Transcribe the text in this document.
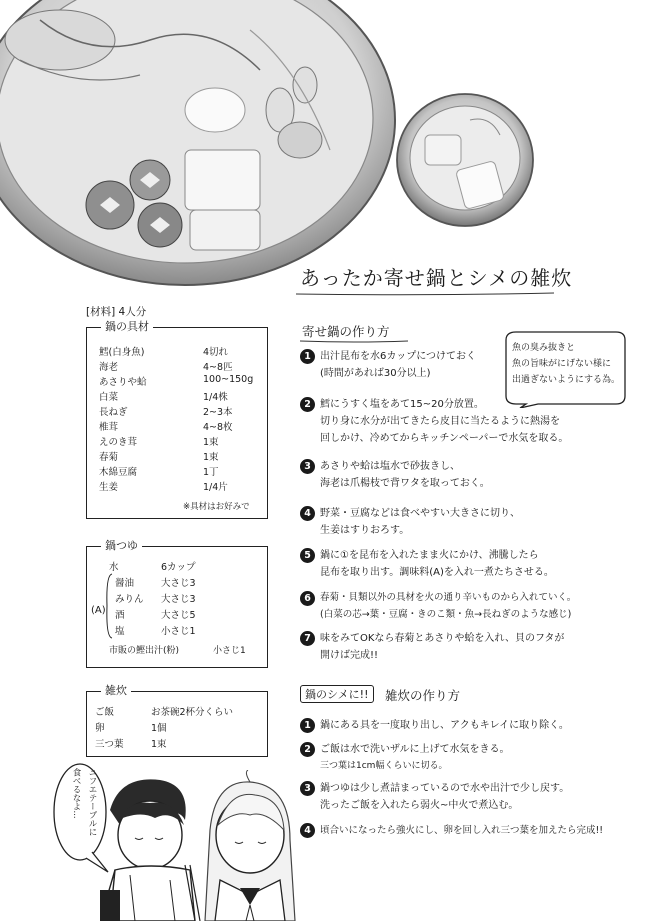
あったか寄せ鍋とシメの雑炊
[材料] 4人分
鍋の具材
鱈(白身魚)	4切れ
海老	4~8匹
あさりや蛤	100~150g
白菜	1/4株
長ねぎ	2~3本
椎茸	4~8枚
えのき茸	1束
春菊	1束
木綿豆腐	1丁
生姜	1/4片
※具材はお好みで
鍋つゆ
(A)
水	6カップ
醤油	大さじ3
みりん 大さじ3
酒	大さじ5
塩	小さじ1
市販の鰹出汁(粉)	小さじ1
雑炊
ご飯	お茶碗2杯分くらい
卵	1個
三つ葉	1束
寄せ鍋の作り方
1 出汁昆布を水6カップにつけておく
(時間があれば30分以上)
2 鱈にうすく塩をあて15~20分放置。
切り身に水分が出てきたら皮目に当たるように熱湯を
回しかけ、冷めてからキッチンペーパーで水気を取る。
3 あさりや蛤は塩水で砂抜きし、
海老は爪楊枝で背ワタを取っておく。
4 野菜・豆腐などは食べやすい大きさに切り、
生姜はすりおろす。
5 鍋に①を昆布を入れたまま火にかけ、沸騰したら
昆布を取り出す。調味料(A)を入れ一煮たちさせる。
6 春菊・貝類以外の具材を火の通り辛いものから入れていく。
(白菜の芯→葉・豆腐・きのこ類・魚→長ねぎのような感じ)
7 味をみてOKなら春菊とあさりや蛤を入れ、貝のフタが
開けば完成!!
魚の臭み抜きと
魚の旨味がにげない様に
出過ぎないようにする為。
鍋のシメに!!	雑炊の作り方
1 鍋にある具を一度取り出し、アクもキレイに取り除く。
2 ご飯は水で洗いザルに上げて水気をきる。
三つ葉は1cm幅くらいに切る。
3 鍋つゆは少し煮詰まっているので水や出汁で少し戻す。
洗ったご飯を入れたら弱火~中火で煮込む。
4 頃合いになったら強火にし、卵を回し入れ三つ葉を加えたら完成!!
ニフエテーブルに
食べるなよ...
